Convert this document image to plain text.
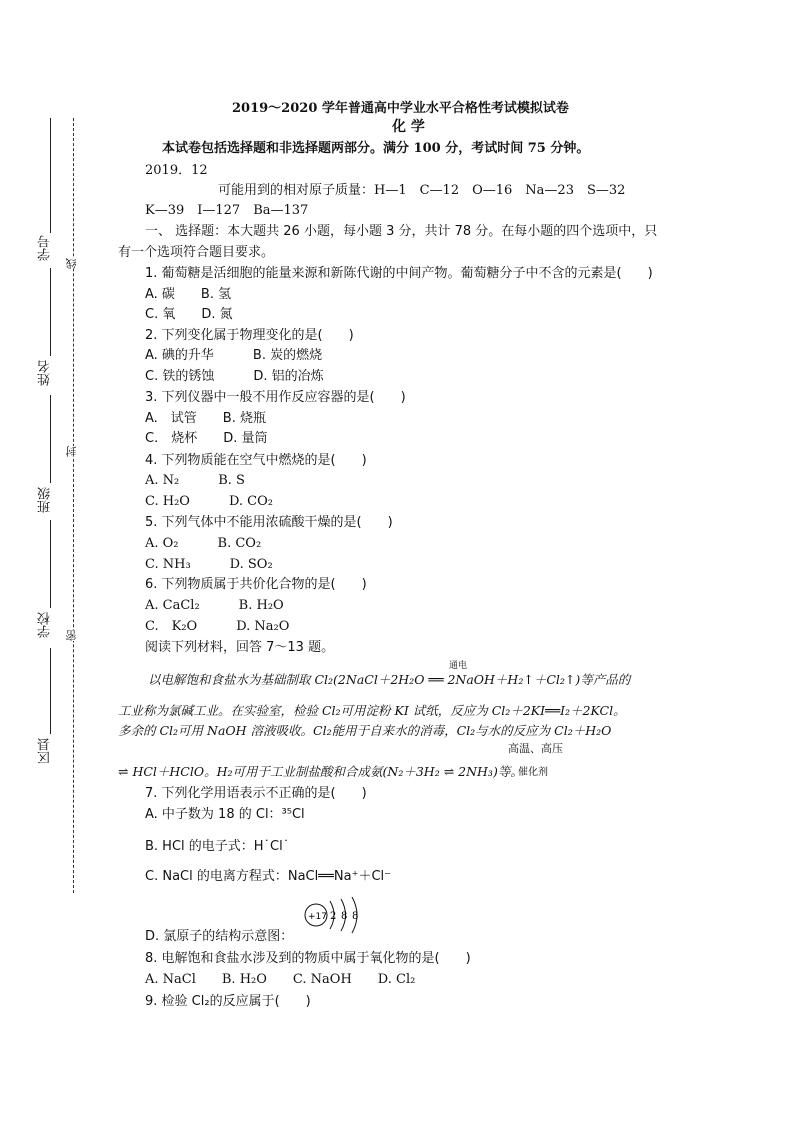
学号
姓名
班级
学校
区县
线
封
密
2019～2020 学年普通高中学业水平合格性考试模拟试卷
化 学
本试卷包括选择题和非选择题两部分。满分 100 分，考试时间 75 分钟。
2019．12
可能用到的相对原子质量：H—1　C—12　O—16　Na—23　S—32
K—39　I—127　Ba—137
一、 选择题：本大题共 26 小题，每小题 3 分，共计 78 分。在每小题的四个选项中，只
有一个选项符合题目要求。
1. 葡萄糖是活细胞的能量来源和新陈代谢的中间产物。葡萄糖分子中不含的元素是(　　)
A. 碳　　B. 氢
C. 氧　　D. 氮
2. 下列变化属于物理变化的是(　　)
A. 碘的升华　　　B. 炭的燃烧
C. 铁的锈蚀　　　D. 铝的冶炼
3. 下列仪器中一般不用作反应容器的是(　　)
A.　试管　　B. 烧瓶
C.　烧杯　　D. 量筒
4. 下列物质能在空气中燃烧的是(　　)
A. N₂　　　B. S
C. H₂O　　　D. CO₂
5. 下列气体中不能用浓硫酸干燥的是(　　)
A. O₂　　　B. CO₂
C. NH₃　　　D. SO₂
6. 下列物质属于共价化合物的是(　　)
A. CaCl₂　　　B. H₂O
C.　K₂O　　　D. Na₂O
阅读下列材料，回答 7～13 题。
通电
以电解饱和食盐水为基础制取 Cl₂(2NaCl＋2H₂O ══ 2NaOH＋H₂↑＋Cl₂↑)等产品的
工业称为氯碱工业。在实验室，检验 Cl₂可用淀粉 KI 试纸，反应为 Cl₂＋2KI══I₂＋2KCl。
多余的 Cl₂可用 NaOH 溶液吸收。Cl₂能用于自来水的消毒，Cl₂与水的反应为 Cl₂＋H₂O
高温、高压
⇌ HCl＋HClO。H₂可用于工业制盐酸和合成氨(N₂＋3H₂ ⇌ 2NH₃)等。
催化剂
7. 下列化学用语表示不正确的是(　　)
A. 中子数为 18 的 Cl：³⁵Cl
B. HCl 的电子式：H˙Cl˙
C. NaCl 的电离方程式：NaCl══Na⁺＋Cl⁻
+17 2 8 8
D. 氯原子的结构示意图：
8. 电解饱和食盐水涉及到的物质中属于氧化物的是(　　)
A. NaCl　　B. H₂O　　C. NaOH　　D. Cl₂
9. 检验 Cl₂的反应属于(　　)
